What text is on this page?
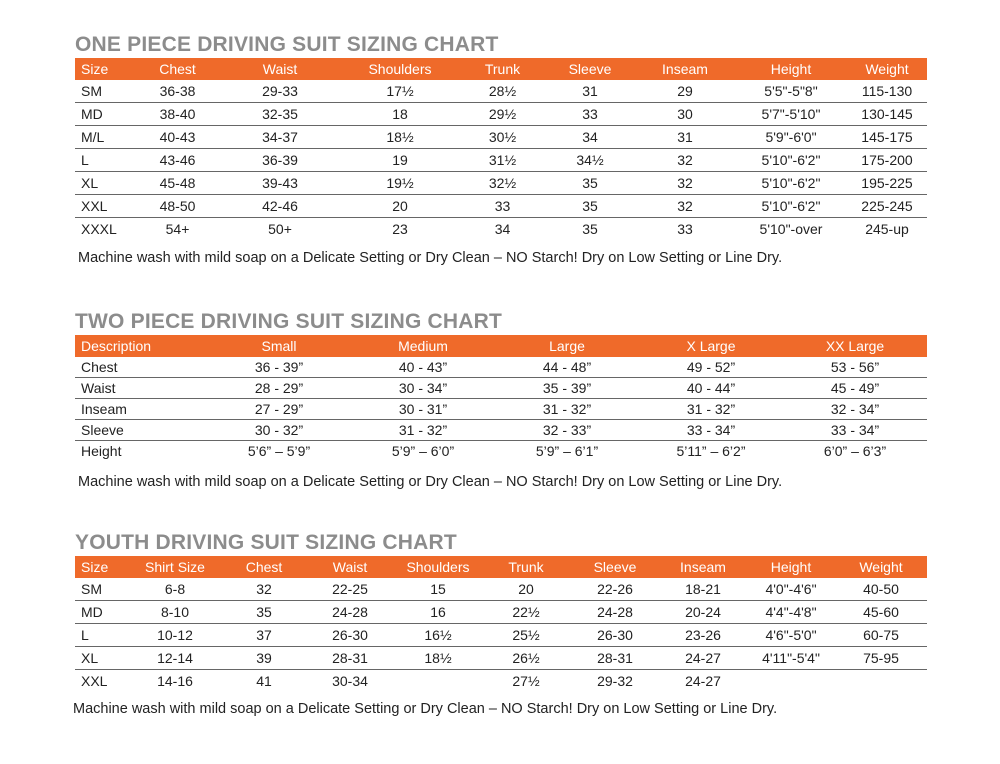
ONE PIECE DRIVING SUIT SIZING CHART
Size	Chest	Waist	Shoulders	Trunk	Sleeve	Inseam	Height	Weight
SM	36-38	29-33	17½	28½	31	29	5'5"-5"8"	115-130
MD	38-40	32-35	18	29½	33	30	5'7"-5'10"	130-145
M/L	40-43	34-37	18½	30½	34	31	5'9"-6'0"	145-175
L	43-46	36-39	19	31½	34½	32	5'10"-6'2"	175-200
XL	45-48	39-43	19½	32½	35	32	5'10"-6'2"	195-225
XXL	48-50	42-46	20	33	35	32	5'10"-6'2"	225-245
XXXL	54+	50+	23	34	35	33	5'10"-over	245-up

Machine wash with mild soap on a Delicate Setting or Dry Clean – NO Starch! Dry on Low Setting or Line Dry.

TWO PIECE DRIVING SUIT SIZING CHART
Description	Small	Medium	Large	X Large	XX Large
Chest	36 - 39”	40 - 43”	44 - 48”	49 - 52”	53 - 56”
Waist	28 - 29”	30 - 34”	35 - 39”	40 - 44”	45 - 49”
Inseam	27 - 29”	30 - 31”	31 - 32”	31 - 32”	32 - 34”
Sleeve	30 - 32”	31 - 32”	32 - 33”	33 - 34”	33 - 34”
Height	5’6” – 5’9”	5’9” – 6’0”	5’9” – 6’1”	5’11” – 6’2”	6’0” – 6’3”

Machine wash with mild soap on a Delicate Setting or Dry Clean – NO Starch! Dry on Low Setting or Line Dry.

YOUTH DRIVING SUIT SIZING CHART
Size	Shirt Size	Chest	Waist	Shoulders	Trunk	Sleeve	Inseam	Height	Weight
SM	6-8	32	22-25	15	20	22-26	18-21	4'0"-4'6"	40-50
MD	8-10	35	24-28	16	22½	24-28	20-24	4'4"-4'8"	45-60
L	10-12	37	26-30	16½	25½	26-30	23-26	4'6"-5'0"	60-75
XL	12-14	39	28-31	18½	26½	28-31	24-27	4'11"-5'4"	75-95
XXL	14-16	41	30-34		27½	29-32	24-27		

Machine wash with mild soap on a Delicate Setting or Dry Clean – NO Starch! Dry on Low Setting or Line Dry.
